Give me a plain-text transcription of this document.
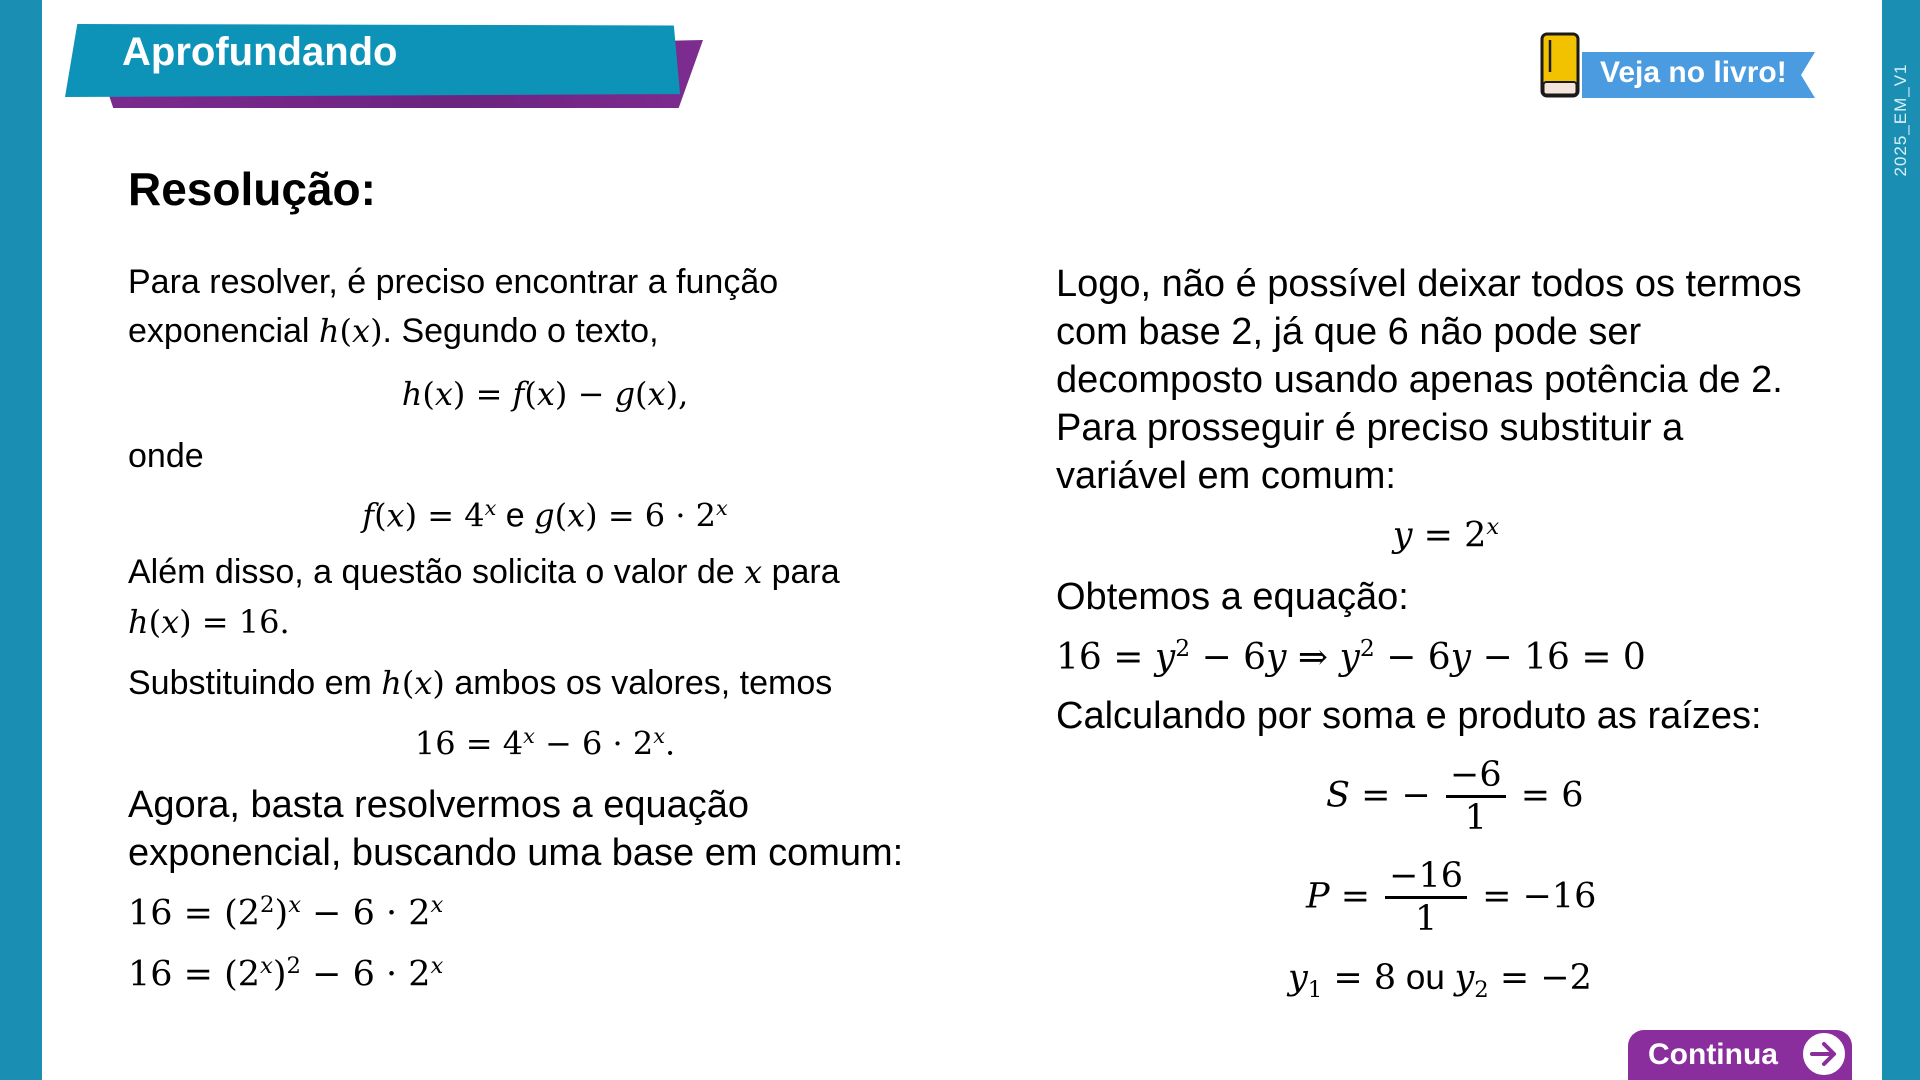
2025_EM_V1
Aprofundando	Veja no livro!
Resolução:
Para resolver, é preciso encontrar a função
exponencial h(x). Segundo o texto,
h(x) = f(x) − g(x),
onde
$f(x) = 4^x$ e $g(x) = 6 \cdot 2^x$
Além disso, a questão solicita o valor de x para
h(x) = 16.
Substituindo em h(x) ambos os valores, temos
$16 = 4^x - 6 \cdot 2^x$.
Agora, basta resolvermos a equação
exponencial, buscando uma base em comum:
$16 = (2^2)^x - 6 \cdot 2^x$
$16 = (2^x)^2 - 6 \cdot 2^x$
Logo, não é possível deixar todos os termos
com base 2, já que 6 não pode ser
decomposto usando apenas potência de 2.
Para prosseguir é preciso substituir a
variável em comum:
$y = 2^x$
Obtemos a equação:
$16 = y^2 - 6y$ ⇒ $y^2 - 6y - 16 = 0$
Calculando por soma e produto as raízes:
S = − $\frac{-6}{1} = 6$
$P = \frac{-16}{1} = -16$
$y_1 = 8$ ou $y_2 = -2$
Continua
